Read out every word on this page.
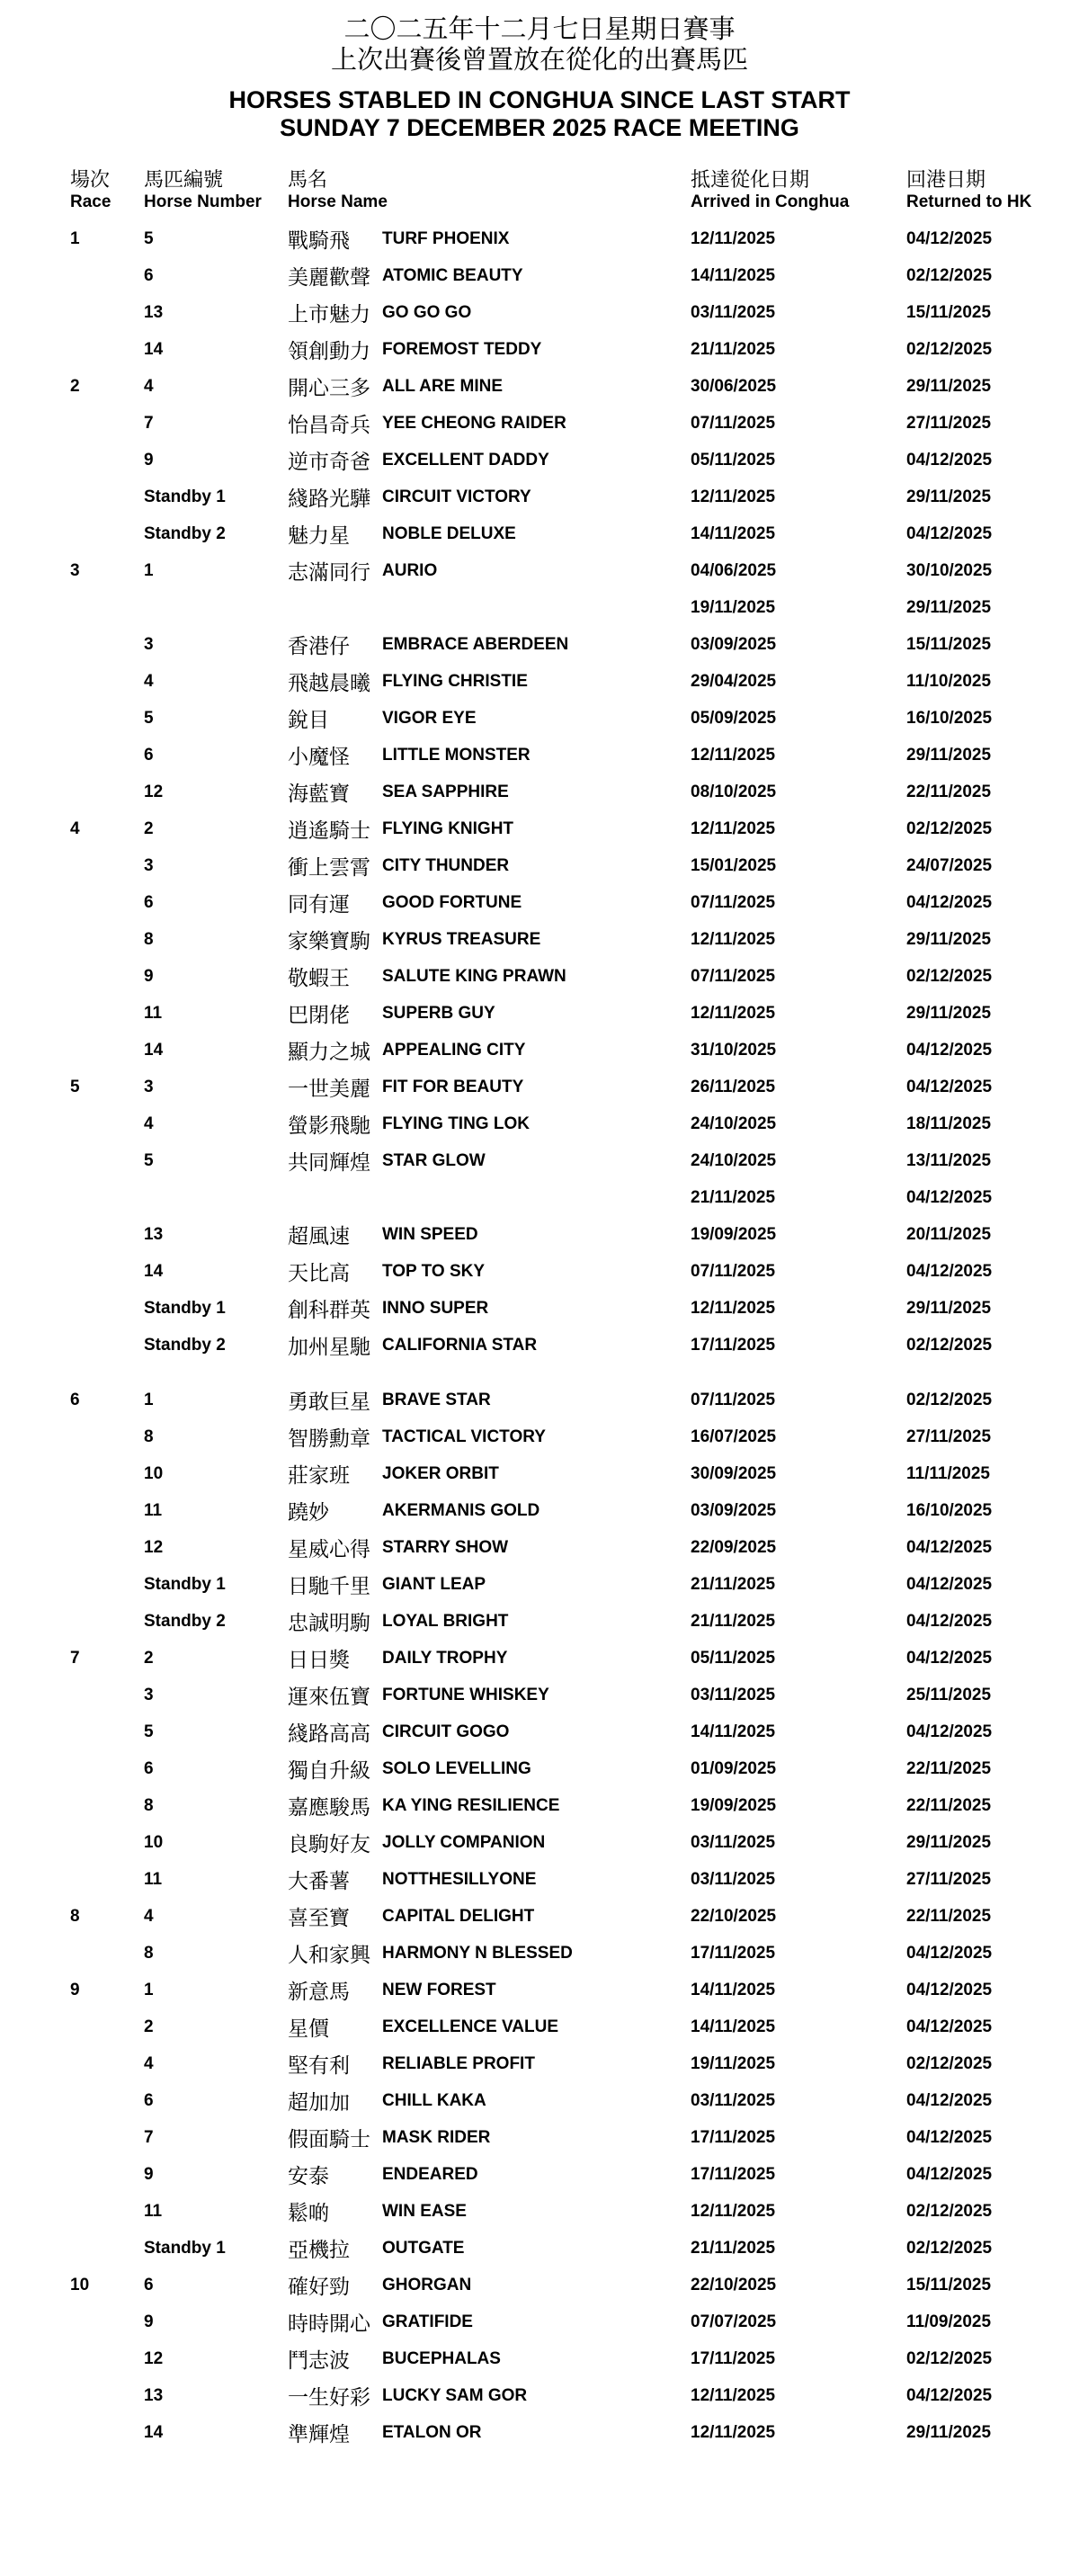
二〇二五年十二月七日星期日賽事
上次出賽後曾置放在從化的出賽馬匹
HORSES STABLED IN CONGHUA SINCE LAST START
SUNDAY 7 DECEMBER 2025 RACE MEETING
場次
Race
馬匹編號
Horse Number
馬名
Horse Name
抵達從化日期
Arrived in Conghua
回港日期
Returned to HK
1	5	戰騎飛	TURF PHOENIX	12/11/2025	04/12/2025
6	美麗歡聲 ATOMIC BEAUTY	14/11/2025	02/12/2025
13	上市魅力 GO GO GO	03/11/2025	15/11/2025
14	領創動力 FOREMOST TEDDY	21/11/2025	02/12/2025
2	4	開心三多 ALL ARE MINE	30/06/2025	29/11/2025
7	怡昌奇兵 YEE CHEONG RAIDER	07/11/2025	27/11/2025
9	逆市奇爸 EXCELLENT DADDY	05/11/2025	04/12/2025
Standby 1	綫路光驊 CIRCUIT VICTORY	12/11/2025	29/11/2025
Standby 2	魅力星	NOBLE DELUXE	14/11/2025	04/12/2025
3	1	志滿同行 AURIO	04/06/2025	30/10/2025
19/11/2025	29/11/2025
3	香港仔	EMBRACE ABERDEEN	03/09/2025	15/11/2025
4	飛越晨曦 FLYING CHRISTIE	29/04/2025	11/10/2025
5	銳目	VIGOR EYE	05/09/2025	16/10/2025
6	小魔怪	LITTLE MONSTER	12/11/2025	29/11/2025
12	海藍寶	SEA SAPPHIRE	08/10/2025	22/11/2025
4	2	逍遙騎士 FLYING KNIGHT	12/11/2025	02/12/2025
3	衝上雲霄 CITY THUNDER	15/01/2025	24/07/2025
6	同有運	GOOD FORTUNE	07/11/2025	04/12/2025
8	家樂寶駒 KYRUS TREASURE	12/11/2025	29/11/2025
9	敬蝦王	SALUTE KING PRAWN	07/11/2025	02/12/2025
11	巴閉佬	SUPERB GUY	12/11/2025	29/11/2025
14	顯力之城 APPEALING CITY	31/10/2025	04/12/2025
5	3	一世美麗 FIT FOR BEAUTY	26/11/2025	04/12/2025
4	螢影飛馳 FLYING TING LOK	24/10/2025	18/11/2025
5	共同輝煌 STAR GLOW	24/10/2025	13/11/2025
21/11/2025	04/12/2025
13	超風速	WIN SPEED	19/09/2025	20/11/2025
14	天比高	TOP TO SKY	07/11/2025	04/12/2025
Standby 1	創科群英 INNO SUPER	12/11/2025	29/11/2025
Standby 2	加州星馳 CALIFORNIA STAR	17/11/2025	02/12/2025
6	1	勇敢巨星 BRAVE STAR	07/11/2025	02/12/2025
8	智勝勳章 TACTICAL VICTORY	16/07/2025	27/11/2025
10	莊家班	JOKER ORBIT	30/09/2025	11/11/2025
11	蹺妙	AKERMANIS GOLD	03/09/2025	16/10/2025
12	星威心得 STARRY SHOW	22/09/2025	04/12/2025
Standby 1	日馳千里 GIANT LEAP	21/11/2025	04/12/2025
Standby 2	忠誠明駒 LOYAL BRIGHT	21/11/2025	04/12/2025
7	2	日日獎	DAILY TROPHY	05/11/2025	04/12/2025
3	運來伍寶 FORTUNE WHISKEY	03/11/2025	25/11/2025
5	綫路高高 CIRCUIT GOGO	14/11/2025	04/12/2025
6	獨自升級 SOLO LEVELLING	01/09/2025	22/11/2025
8	嘉應駿馬 KA YING RESILIENCE	19/09/2025	22/11/2025
10	良駒好友 JOLLY COMPANION	03/11/2025	29/11/2025
11	大番薯	NOTTHESILLYONE	03/11/2025	27/11/2025
8	4	喜至寶	CAPITAL DELIGHT	22/10/2025	22/11/2025
8	人和家興 HARMONY N BLESSED	17/11/2025	04/12/2025
9	1	新意馬	NEW FOREST	14/11/2025	04/12/2025
2	星價	EXCELLENCE VALUE	14/11/2025	04/12/2025
4	堅有利	RELIABLE PROFIT	19/11/2025	02/12/2025
6	超加加	CHILL KAKA	03/11/2025	04/12/2025
7	假面騎士 MASK RIDER	17/11/2025	04/12/2025
9	安泰	ENDEARED	17/11/2025	04/12/2025
11	鬆啲	WIN EASE	12/11/2025	02/12/2025
Standby 1	亞機拉	OUTGATE	21/11/2025	02/12/2025
10	6	確好勁	GHORGAN	22/10/2025	15/11/2025
9	時時開心 GRATIFIDE	07/07/2025	11/09/2025
12	鬥志波	BUCEPHALAS	17/11/2025	02/12/2025
13	一生好彩 LUCKY SAM GOR	12/11/2025	04/12/2025
14	準輝煌	ETALON OR	12/11/2025	29/11/2025
